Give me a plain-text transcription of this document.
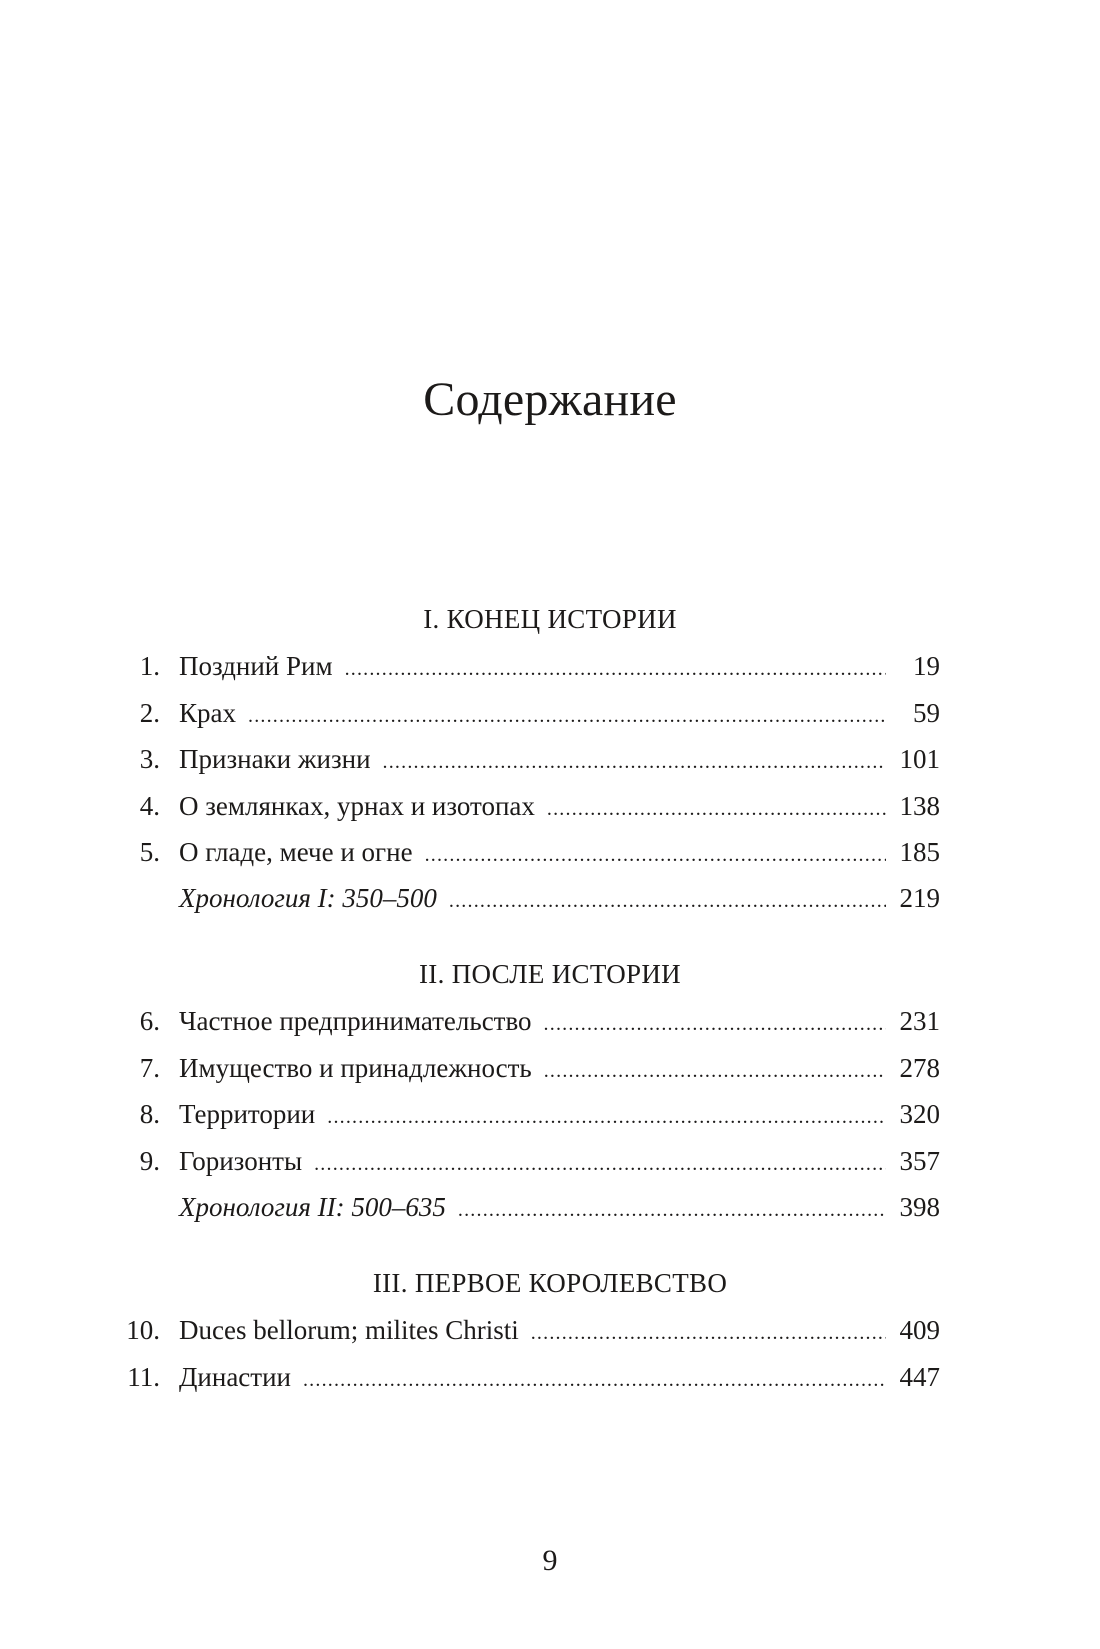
Содержание
I. КОНЕЦ ИСТОРИИ
1. Поздний Рим .....	19
2. Крах .....	59
3. Признаки жизни .....	101
4. О землянках, урнах и изотопах .....	138
5. О гладе, мече и огне .....	185
Хронология I: 350–500 .....	219
II. ПОСЛЕ ИСТОРИИ
6. Частное предпринимательство .....	231
7. Имущество и принадлежность .....	278
8. Территории .....	320
9. Горизонты .....	357
Хронология II: 500–635 .....	398
III. ПЕРВОЕ КОРОЛЕВСТВО
10. Duces bellorum; milites Christi .....	409
11. Династии .....	447
9
